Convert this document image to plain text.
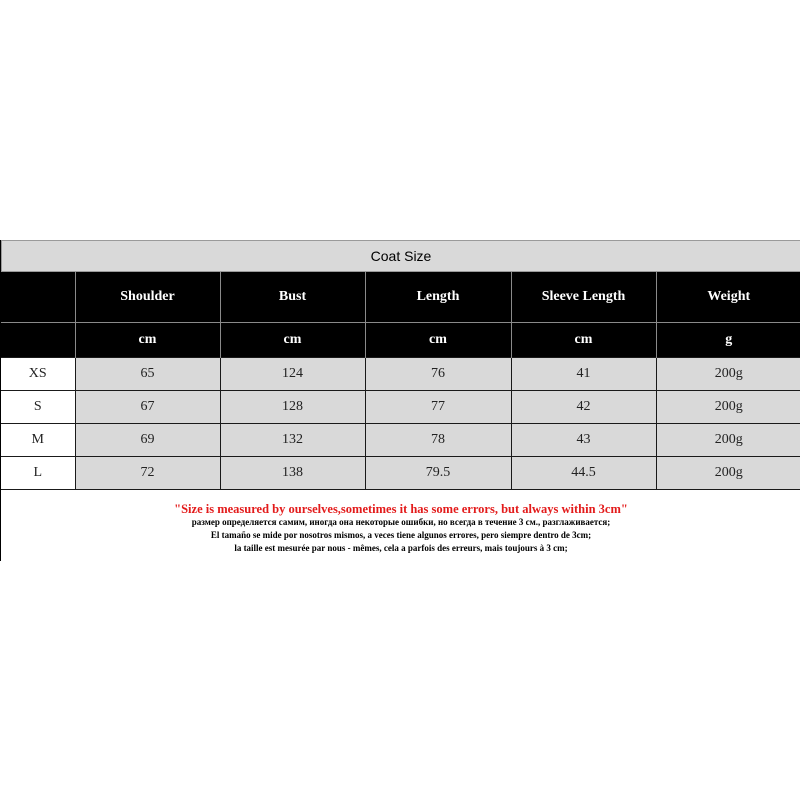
Coat Size
	Shoulder	Bust	Length	Sleeve Length	Weight
	cm	cm	cm	cm	g
XS	65	124	76	41	200g
S	67	128	77	42	200g
M	69	132	78	43	200g
L	72	138	79.5	44.5	200g
"Size is measured by ourselves,sometimes it has some errors, but always within 3cm"
размер определяется самим, иногда она некоторые ошибки, но всегда в течение 3 см., разглаживается;
El tamaño se mide por nosotros mismos, a veces tiene algunos errores, pero siempre dentro de 3cm;
la taille est mesurée par nous - mêmes, cela a parfois des erreurs, mais toujours à 3 cm;
